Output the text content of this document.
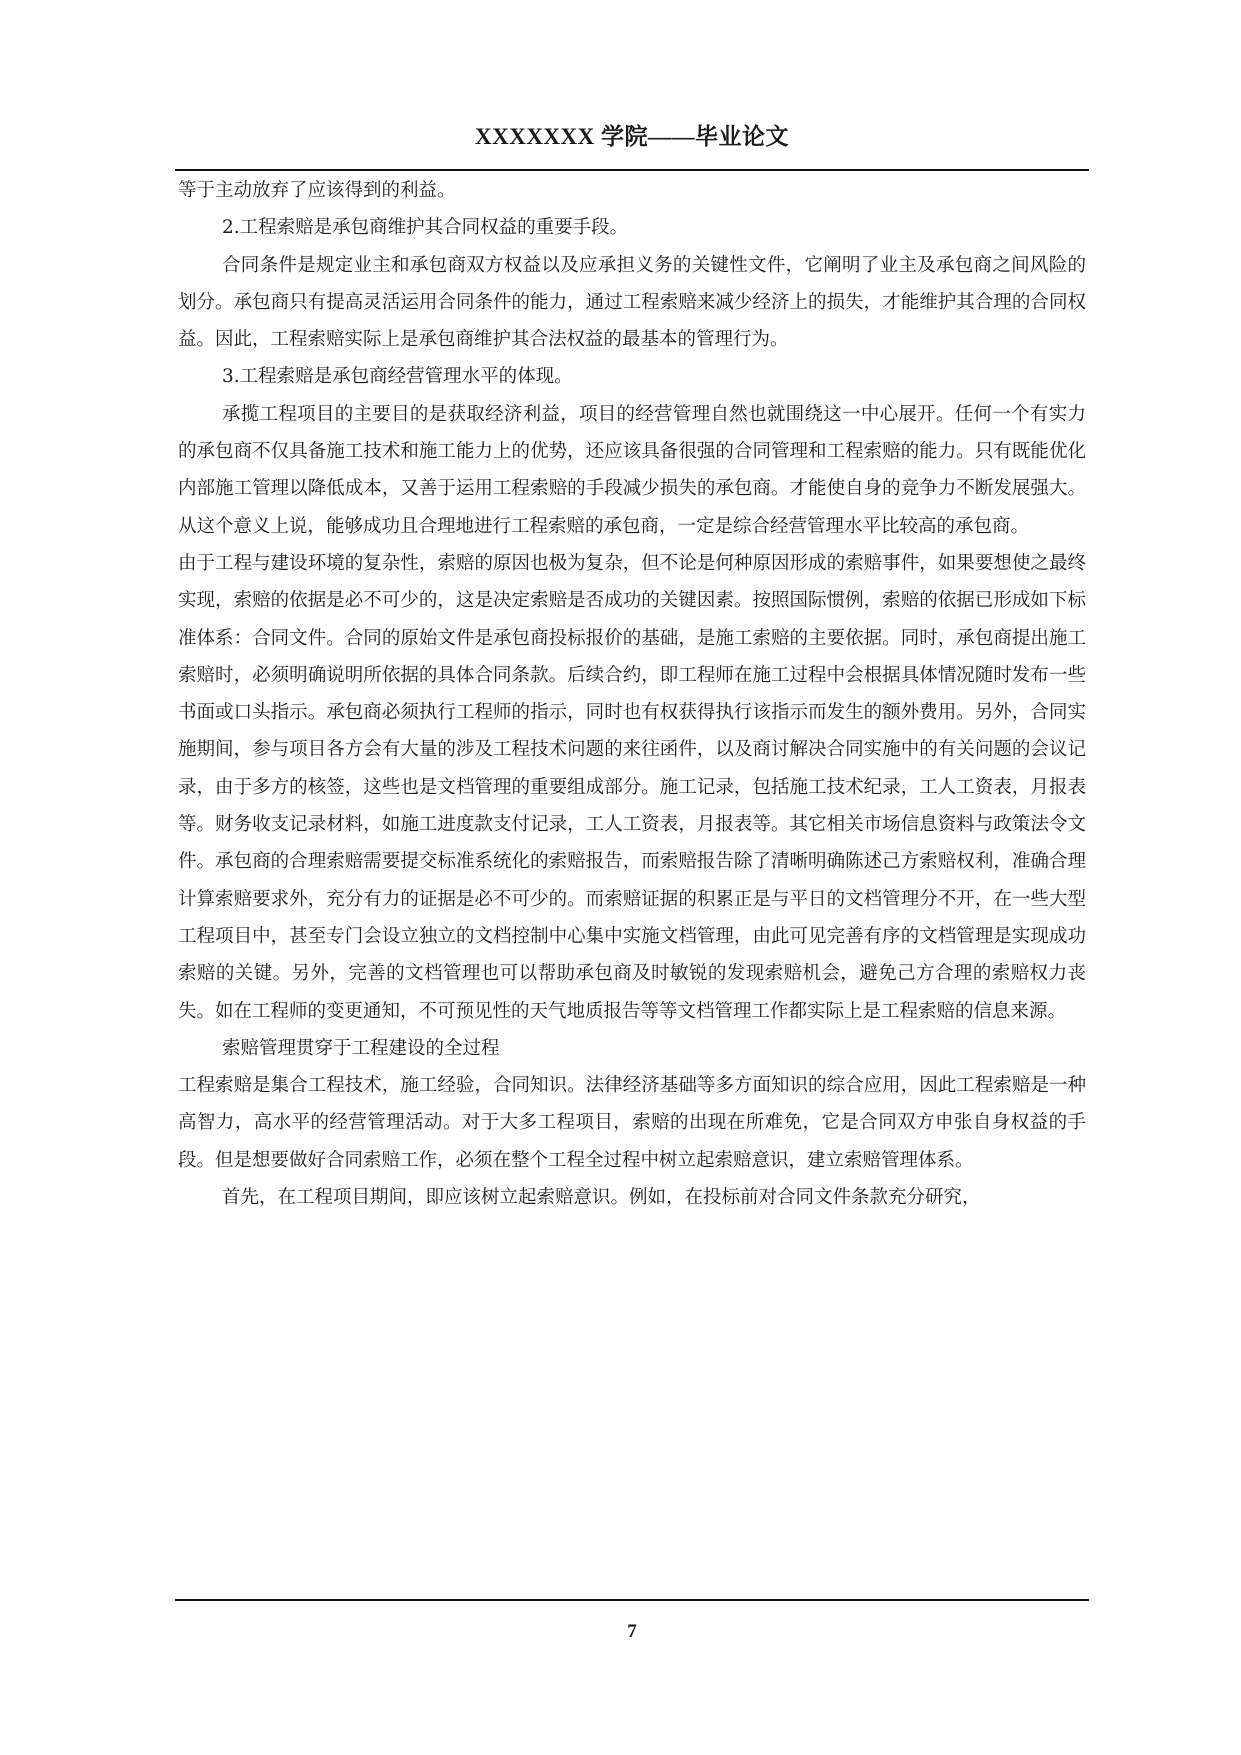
XXXXXXX 学院——毕业论文

等于主动放弃了应该得到的利益。

2.工程索赔是承包商维护其合同权益的重要手段。

合同条件是规定业主和承包商双方权益以及应承担义务的关键性文件，它阐明了业主及承包商之间风险的划分。承包商只有提高灵活运用合同条件的能力，通过工程索赔来减少经济上的损失，才能维护其合理的合同权益。因此，工程索赔实际上是承包商维护其合法权益的最基本的管理行为。

3.工程索赔是承包商经营管理水平的体现。

承揽工程项目的主要目的是获取经济利益，项目的经营管理自然也就围绕这一中心展开。任何一个有实力的承包商不仅具备施工技术和施工能力上的优势，还应该具备很强的合同管理和工程索赔的能力。只有既能优化内部施工管理以降低成本，又善于运用工程索赔的手段减少损失的承包商。才能使自身的竞争力不断发展强大。从这个意义上说，能够成功且合理地进行工程索赔的承包商，一定是综合经营管理水平比较高的承包商。

由于工程与建设环境的复杂性，索赔的原因也极为复杂，但不论是何种原因形成的索赔事件，如果要想使之最终实现，索赔的依据是必不可少的，这是决定索赔是否成功的关键因素。按照国际惯例，索赔的依据已形成如下标准体系：合同文件。合同的原始文件是承包商投标报价的基础，是施工索赔的主要依据。同时，承包商提出施工索赔时，必须明确说明所依据的具体合同条款。后续合约，即工程师在施工过程中会根据具体情况随时发布一些书面或口头指示。承包商必须执行工程师的指示，同时也有权获得执行该指示而发生的额外费用。另外，合同实施期间，参与项目各方会有大量的涉及工程技术问题的来往函件，以及商讨解决合同实施中的有关问题的会议记录，由于多方的核签，这些也是文档管理的重要组成部分。施工记录，包括施工技术纪录，工人工资表，月报表等。财务收支记录材料，如施工进度款支付记录，工人工资表，月报表等。其它相关市场信息资料与政策法令文件。承包商的合理索赔需要提交标准系统化的索赔报告，而索赔报告除了清晰明确陈述己方索赔权利，准确合理计算索赔要求外，充分有力的证据是必不可少的。而索赔证据的积累正是与平日的文档管理分不开，在一些大型工程项目中，甚至专门会设立独立的文档控制中心集中实施文档管理，由此可见完善有序的文档管理是实现成功索赔的关键。另外，完善的文档管理也可以帮助承包商及时敏锐的发现索赔机会，避免己方合理的索赔权力丧失。如在工程师的变更通知，不可预见性的天气地质报告等等文档管理工作都实际上是工程索赔的信息来源。

索赔管理贯穿于工程建设的全过程

工程索赔是集合工程技术，施工经验，合同知识。法律经济基础等多方面知识的综合应用，因此工程索赔是一种高智力，高水平的经营管理活动。对于大多工程项目，索赔的出现在所难免，它是合同双方申张自身权益的手段。但是想要做好合同索赔工作，必须在整个工程全过程中树立起索赔意识，建立索赔管理体系。

首先，在工程项目期间，即应该树立起索赔意识。例如，在投标前对合同文件条款充分研究，

7
